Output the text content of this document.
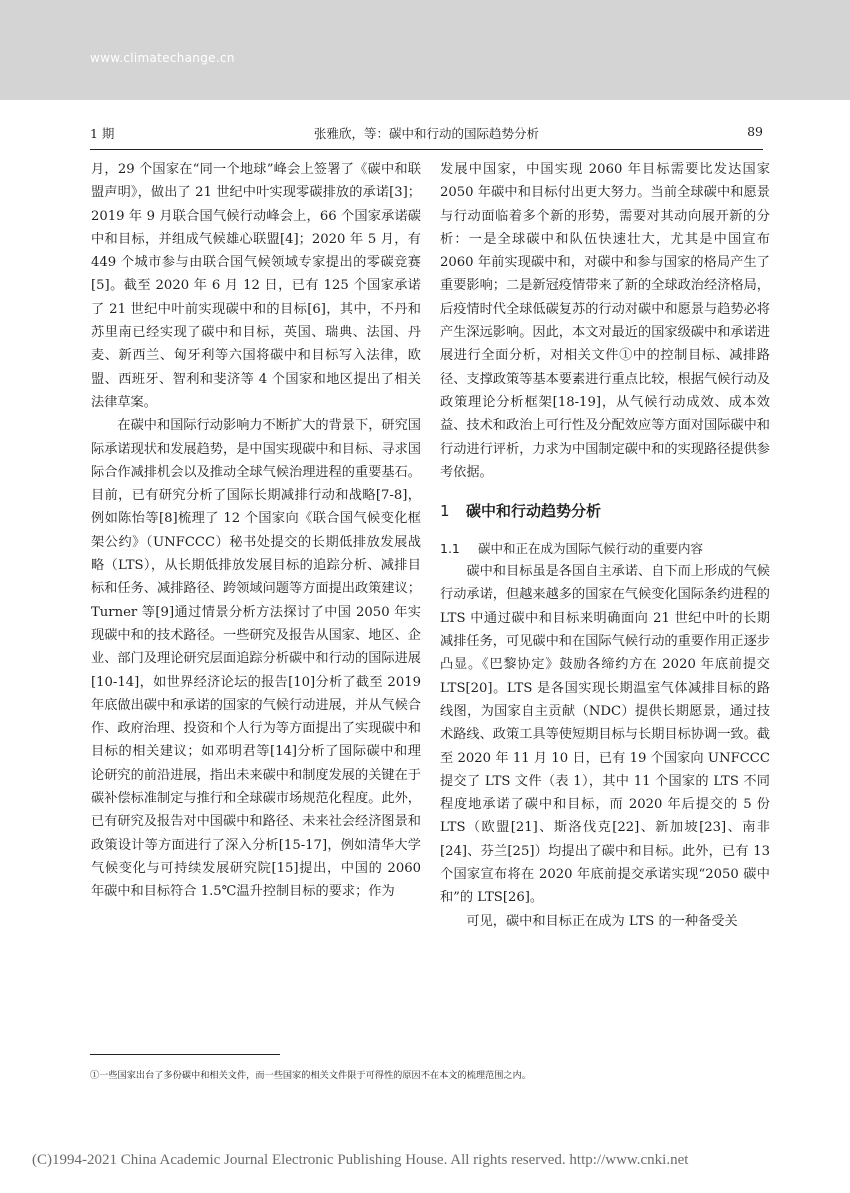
www.climatechange.cn
1 期	张雅欣，等：碳中和行动的国际趋势分析	89

月，29 个国家在“同一个地球”峰会上签署了《碳中和联盟声明》，做出了 21 世纪中叶实现零碳排放的承诺[3]；2019 年 9 月联合国气候行动峰会上，66 个国家承诺碳中和目标，并组成气候雄心联盟[4]；2020 年 5 月，有 449 个城市参与由联合国气候领域专家提出的零碳竞赛[5]。截至 2020 年 6 月 12 日，已有 125 个国家承诺了 21 世纪中叶前实现碳中和的目标[6]，其中，不丹和苏里南已经实现了碳中和目标，英国、瑞典、法国、丹麦、新西兰、匈牙利等六国将碳中和目标写入法律，欧盟、西班牙、智利和斐济等 4 个国家和地区提出了相关法律草案。

在碳中和国际行动影响力不断扩大的背景下，研究国际承诺现状和发展趋势，是中国实现碳中和目标、寻求国际合作减排机会以及推动全球气候治理进程的重要基石。目前，已有研究分析了国际长期减排行动和战略[7-8]，例如陈怡等[8]梳理了 12 个国家向《联合国气候变化框架公约》（UNFCCC）秘书处提交的长期低排放发展战略（LTS），从长期低排放发展目标的追踪分析、减排目标和任务、减排路径、跨领域问题等方面提出政策建议；Turner 等[9]通过情景分析方法探讨了中国 2050 年实现碳中和的技术路径。一些研究及报告从国家、地区、企业、部门及理论研究层面追踪分析碳中和行动的国际进展[10-14]，如世界经济论坛的报告[10]分析了截至 2019 年底做出碳中和承诺的国家的气候行动进展，并从气候合作、政府治理、投资和个人行为等方面提出了实现碳中和目标的相关建议；如邓明君等[14]分析了国际碳中和理论研究的前沿进展，指出未来碳中和制度发展的关键在于碳补偿标准制定与推行和全球碳市场规范化程度。此外，已有研究及报告对中国碳中和路径、未来社会经济图景和政策设计等方面进行了深入分析[15-17]，例如清华大学气候变化与可持续发展研究院[15]提出，中国的 2060 年碳中和目标符合 1.5℃温升控制目标的要求；作为

发展中国家，中国实现 2060 年目标需要比发达国家 2050 年碳中和目标付出更大努力。当前全球碳中和愿景与行动面临着多个新的形势，需要对其动向展开新的分析：一是全球碳中和队伍快速壮大，尤其是中国宣布 2060 年前实现碳中和，对碳中和参与国家的格局产生了重要影响；二是新冠疫情带来了新的全球政治经济格局，后疫情时代全球低碳复苏的行动对碳中和愿景与趋势必将产生深远影响。因此，本文对最近的国家级碳中和承诺进展进行全面分析，对相关文件①中的控制目标、减排路径、支撑政策等基本要素进行重点比较，根据气候行动及政策理论分析框架[18-19]，从气候行动成效、成本效益、技术和政治上可行性及分配效应等方面对国际碳中和行动进行评析，力求为中国制定碳中和的实现路径提供参考依据。

1 碳中和行动趋势分析
1.1 碳中和正在成为国际气候行动的重要内容

碳中和目标虽是各国自主承诺、自下而上形成的气候行动承诺，但越来越多的国家在气候变化国际条约进程的 LTS 中通过碳中和目标来明确面向 21 世纪中叶的长期减排任务，可见碳中和在国际气候行动的重要作用正逐步凸显。《巴黎协定》鼓励各缔约方在 2020 年底前提交 LTS[20]。LTS 是各国实现长期温室气体减排目标的路线图，为国家自主贡献（NDC）提供长期愿景，通过技术路线、政策工具等使短期目标与长期目标协调一致。截至 2020 年 11 月 10 日，已有 19 个国家向 UNFCCC 提交了 LTS 文件（表 1），其中 11 个国家的 LTS 不同程度地承诺了碳中和目标，而 2020 年后提交的 5 份 LTS（欧盟[21]、斯洛伐克[22]、新加坡[23]、南非[24]、芬兰[25]）均提出了碳中和目标。此外，已有 13 个国家宣布将在 2020 年底前提交承诺实现“2050 碳中和”的 LTS[26]。

可见，碳中和目标正在成为 LTS 的一种备受关

①一些国家出台了多份碳中和相关文件，而一些国家的相关文件限于可得性的原因不在本文的梳理范围之内。
(C)1994-2021 China Academic Journal Electronic Publishing House. All rights reserved. http://www.cnki.net
